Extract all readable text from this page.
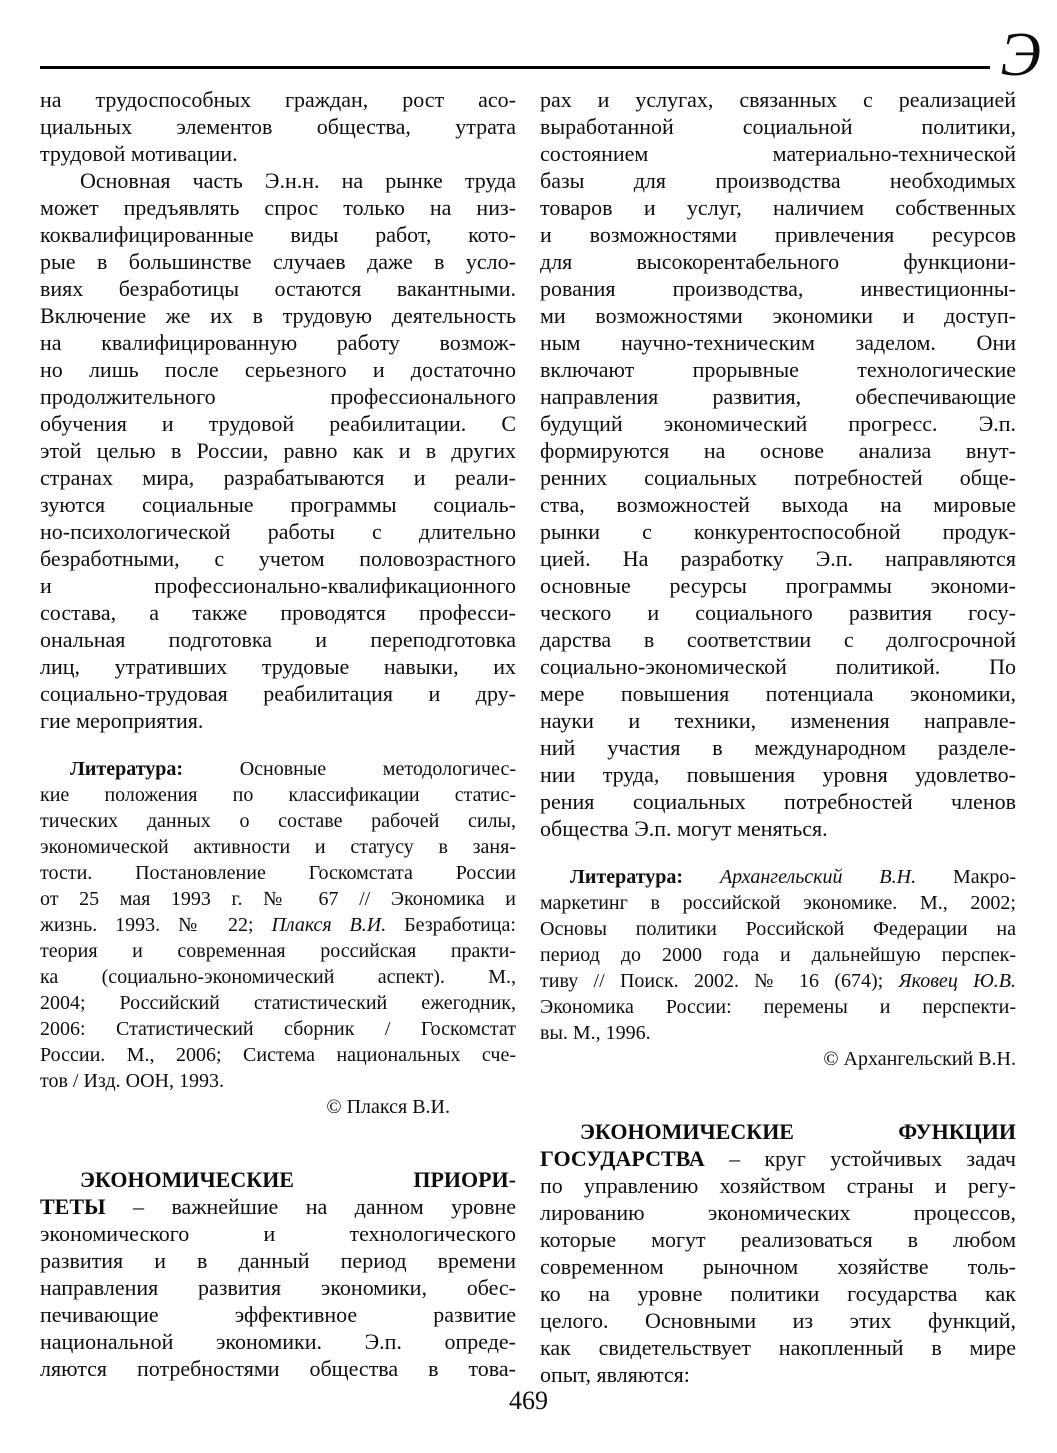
Э
на трудоспособных граждан, рост асо-
циальных элементов общества, утрата
трудовой мотивации.
Основная часть Э.н.н. на рынке труда
может предъявлять спрос только на низ-
коквалифицированные виды работ, кото-
рые в большинстве случаев даже в усло-
виях безработицы остаются вакантными.
Включение же их в трудовую деятельность
на квалифицированную работу возмож-
но лишь после серьезного и достаточно
продолжительного профессионального
обучения и трудовой реабилитации. С
этой целью в России, равно как и в других
странах мира, разрабатываются и реали-
зуются социальные программы социаль-
но-психологической работы с длительно
безработными, с учетом половозрастного
и профессионально-квалификационного
состава, а также проводятся професси-
ональная подготовка и переподготовка
лиц, утративших трудовые навыки, их
социально-трудовая реабилитация и дру-
гие мероприятия.
Литература: Основные методологичес-
кие положения по классификации статис-
тических данных о составе рабочей силы,
экономической активности и статусу в заня-
тости. Постановление Госкомстата России
от 25 мая 1993 г. № 67 // Экономика и
жизнь. 1993. № 22; Плакся В.И. Безработица:
теория и современная российская практи-
ка (социально-экономический аспект). М.,
2004; Российский статистический ежегодник,
2006: Статистический сборник / Госкомстат
России. М., 2006; Система национальных сче-
тов / Изд. ООН, 1993.
© Плакся В.И.
ЭКОНОМИЧЕСКИЕ	ПРИОРИ-
ТЕТЫ – важнейшие на данном уровне
экономического и технологического
развития и в данный период времени
направления развития экономики, обес-
печивающие эффективное развитие
национальной экономики. Э.п. опреде-
ляются потребностями общества в това-
рах и услугах, связанных с реализацией
выработанной социальной политики,
состоянием материально-технической
базы для производства необходимых
товаров и услуг, наличием собственных
и возможностями привлечения ресурсов
для высокорентабельного функциони-
рования производства, инвестиционны-
ми возможностями экономики и доступ-
ным научно-техническим заделом. Они
включают прорывные технологические
направления развития, обеспечивающие
будущий экономический прогресс. Э.п.
формируются на основе анализа внут-
ренних социальных потребностей обще-
ства, возможностей выхода на мировые
рынки с конкурентоспособной продук-
цией. На разработку Э.п. направляются
основные ресурсы программы экономи-
ческого и социального развития госу-
дарства в соответствии с долгосрочной
социально-экономической политикой. По
мере повышения потенциала экономики,
науки и техники, изменения направле-
ний участия в международном разделе-
нии труда, повышения уровня удовлетво-
рения социальных потребностей членов
общества Э.п. могут меняться.
Литература: Архангельский В.Н. Макро-
маркетинг в российской экономике. М., 2002;
Основы политики Российской Федерации на
период до 2000 года и дальнейшую перспек-
тиву // Поиск. 2002. № 16 (674); Яковец Ю.В.
Экономика России: перемены и перспекти-
вы. М., 1996.
© Архангельский В.Н.
ЭКОНОМИЧЕСКИЕ	ФУНКЦИИ
ГОСУДАРСТВА – круг устойчивых задач
по управлению хозяйством страны и регу-
лированию экономических процессов,
которые могут реализоваться в любом
современном рыночном хозяйстве толь-
ко на уровне политики государства как
целого. Основными из этих функций,
как свидетельствует накопленный в мире
опыт, являются:
469
